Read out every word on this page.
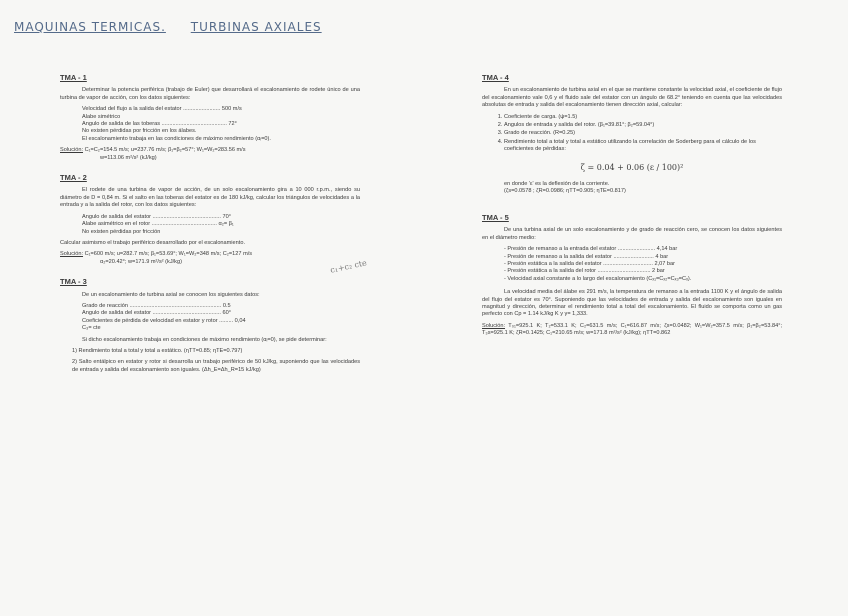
MAQUINAS TERMICAS. TURBINAS AXIALES
TMA - 1
Determinar la potencia periférica (trabajo de Euler) que desarrollará el escalonamiento de rodete único de una turbina de vapor de acción, con los datos siguientes:
Velocidad del flujo a la salida del estator ........................ 500 m/s
Alabe simétrico
Angulo de salida de las toberas .......................................... 72°
No existen pérdidas por fricción en los álabes.
El escalonamiento trabaja en las condiciones de máximo rendimiento (αᵢ=0).
Solución: C₁=C₂=154.5 m/s; u=237.76 m/s; β₁=β₂=57°; W₁=W₂=283.56 m/s
w=113.06 m²/s² (kJ/kg)
TMA - 2
El rodete de una turbina de vapor de acción, de un solo escalonamiento gira a 10 000 r.p.m., siendo su diámetro de D = 0,84 m. Si el salto en las toberas del estator es de 180 kJ/kg, calcular los triángulos de velocidades a la entrada y a la salida del rotor, con los datos siguientes:
Angulo de salida del estator ............................................ 70°
Alabe asimétrico en el rotor .......................................... α₂= β₁
No existen pérdidas por fricción
Calcular asimismo el trabajo periférico desarrollado por el escalonamiento.
Solución: C₁=600 m/s; u=282.7 m/s; β₁=53.69°; W₁=W₂=348 m/s; C₂=127 m/s
α₂=20.42°; w=171.9 m²/s² (kJ/kg)
TMA - 3
De un escalonamiento de turbina axial se conocen los siguientes datos:
Grado de reacción ........................................................... 0.5
Angulo de salida del estator ............................................ 60°
Coeficientes de pérdida de velocidad en estator y rotor ......... 0,04
C₃= cte
Si dicho escalonamiento trabaja en condiciones de máximo rendimiento (αᵢ=0), se pide determinar:
1) Rendimiento total a total y total a estático. (ηTT=0.85; ηTE=0.797)
2) Salto entálpico en estator y rotor si desarrolla un trabajo periférico de 50 kJ/kg, suponiendo que las velocidades de entrada y salida del escalonamiento son iguales. (Δh_E=Δh_R=15 kJ/kg)
c₁+c₂ cte
TMA - 4
En un escalonamiento de turbina axial en el que se mantiene constante la velocidad axial, el coeficiente de flujo del escalonamiento vale 0,6 y el fluido sale del estator con un ángulo de 68.2° teniendo en cuenta que las velocidades absolutas de entrada y salida del escalonamiento tienen dirección axial, calcular:
1. Coeficiente de carga. (ψ=1.5)
2. Angulos de entrada y salida del rotor. (β₁=39.81°; β₂=59.04°)
3. Grado de reacción. (R=0.25)
4. Rendimiento total a total y total a estático utilizando la correlación de Soderberg para el cálculo de los coeficientes de pérdidas:
ζ = 0.04 + 0.06 (ε / 100)²
en donde 'ε' es la deflexión de la corriente.
(ζs=0.0578 ; ζR=0.0986; ηTT=0.905; ηTE=0.817)
TMA - 5
De una turbina axial de un solo escalonamiento y de grado de reacción cero, se conocen los datos siguientes en el diámetro medio:
- Presión de remanso a la entrada del estator ........................ 4,14 bar
- Presión de remanso a la salida del estator .......................... 4 bar
- Presión estática a la salida del estator ................................ 2,07 bar
- Presión estática a la salida del rotor .................................. 2 bar
- Velocidad axial constante a lo largo del escalonamiento (Cₓ₁=Cₓ₂=Cₓ₃=Cₓ).
La velocidad media del álabe es 291 m/s, la temperatura de remanso a la entrada 1100 K y el ángulo de salida del flujo del estator es 70°. Suponiendo que las velocidades de entrada y salida del escalonamiento son iguales en magnitud y dirección, determinar el rendimiento total a total del escalonamiento. El fluido se comporta como un gas perfecto con Cp = 1.14 kJ/kg K y γ= 1,333.
Solución: T₀₁=925.1 K; T₂=533.1 K; C₂=631.5 m/s; C₁=616.87 m/s; ζs=0.0482; W₁=W₂=357.5 m/s; β₁=β₂=53.84°; T₃s=925.1 K; ζR=0.1425; C₁=210.65 m/s; w=171.8 m²/s² (kJ/kg); ηTT=0.862
